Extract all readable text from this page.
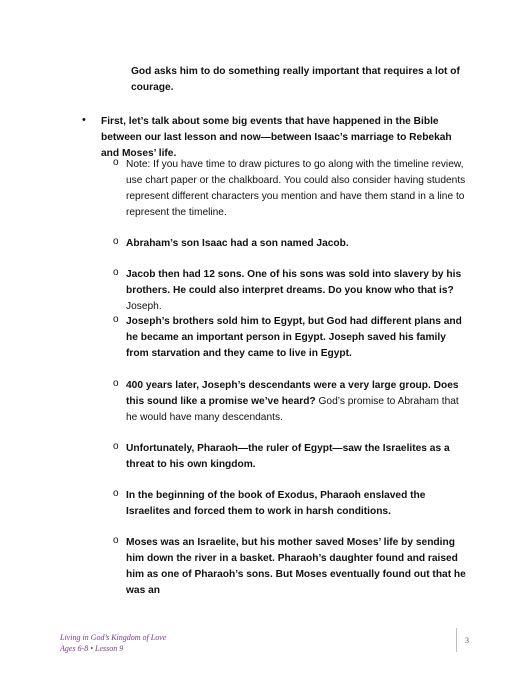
God asks him to do something really important that requires a lot of courage.
• First, let’s talk about some big events that have happened in the Bible between our last lesson and now—between Isaac’s marriage to Rebekah and Moses’ life.
o Note: If you have time to draw pictures to go along with the timeline review, use chart paper or the chalkboard. You could also consider having students represent different characters you mention and have them stand in a line to represent the timeline.
o Abraham’s son Isaac had a son named Jacob.
o Jacob then had 12 sons. One of his sons was sold into slavery by his brothers. He could also interpret dreams. Do you know who that is? Joseph.
o Joseph’s brothers sold him to Egypt, but God had different plans and he became an important person in Egypt. Joseph saved his family from starvation and they came to live in Egypt.
o 400 years later, Joseph’s descendants were a very large group. Does this sound like a promise we’ve heard? God’s promise to Abraham that he would have many descendants.
o Unfortunately, Pharaoh—the ruler of Egypt—saw the Israelites as a threat to his own kingdom.
o In the beginning of the book of Exodus, Pharaoh enslaved the Israelites and forced them to work in harsh conditions.
o Moses was an Israelite, but his mother saved Moses’ life by sending him down the river in a basket. Pharaoh’s daughter found and raised him as one of Pharaoh’s sons. But Moses eventually found out that he was an
Living in God’s Kingdom of Love
Ages 6-8 • Lesson 9
3
